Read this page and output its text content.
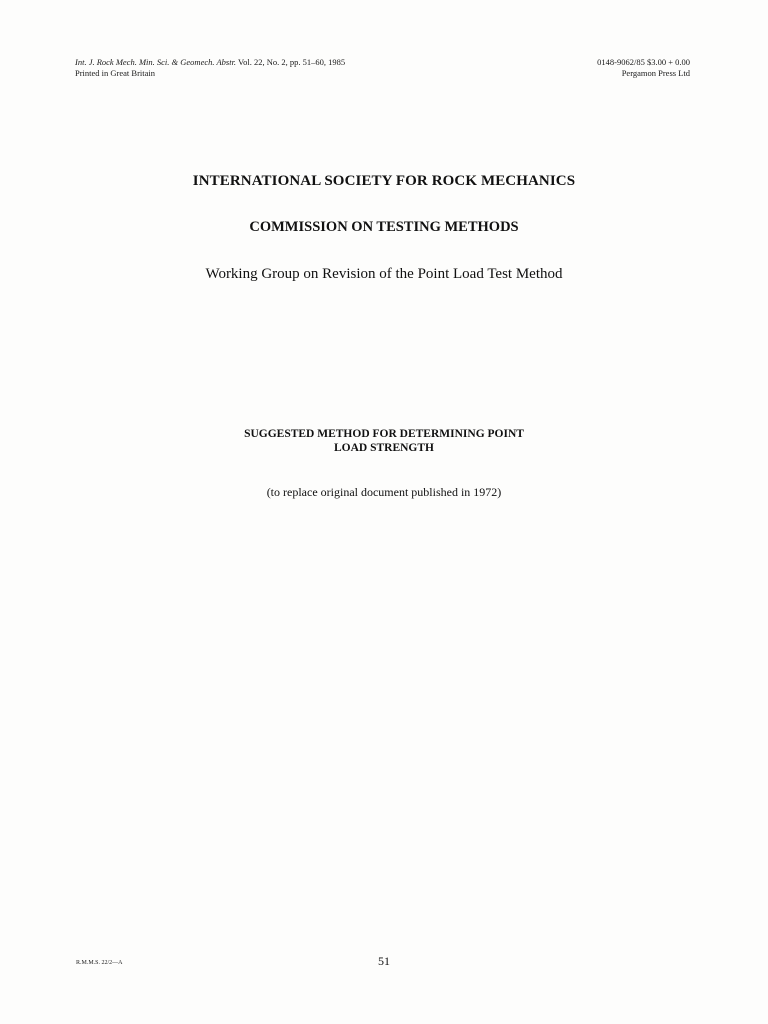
Int. J. Rock Mech. Min. Sci. & Geomech. Abstr. Vol. 22, No. 2, pp. 51–60, 1985
Printed in Great Britain
0148-9062/85 $3.00 + 0.00
Pergamon Press Ltd
INTERNATIONAL SOCIETY FOR ROCK MECHANICS
COMMISSION ON TESTING METHODS
Working Group on Revision of the Point Load Test Method
SUGGESTED METHOD FOR DETERMINING POINT
LOAD STRENGTH
(to replace original document published in 1972)
R.M.M.S. 22/2—A	51
